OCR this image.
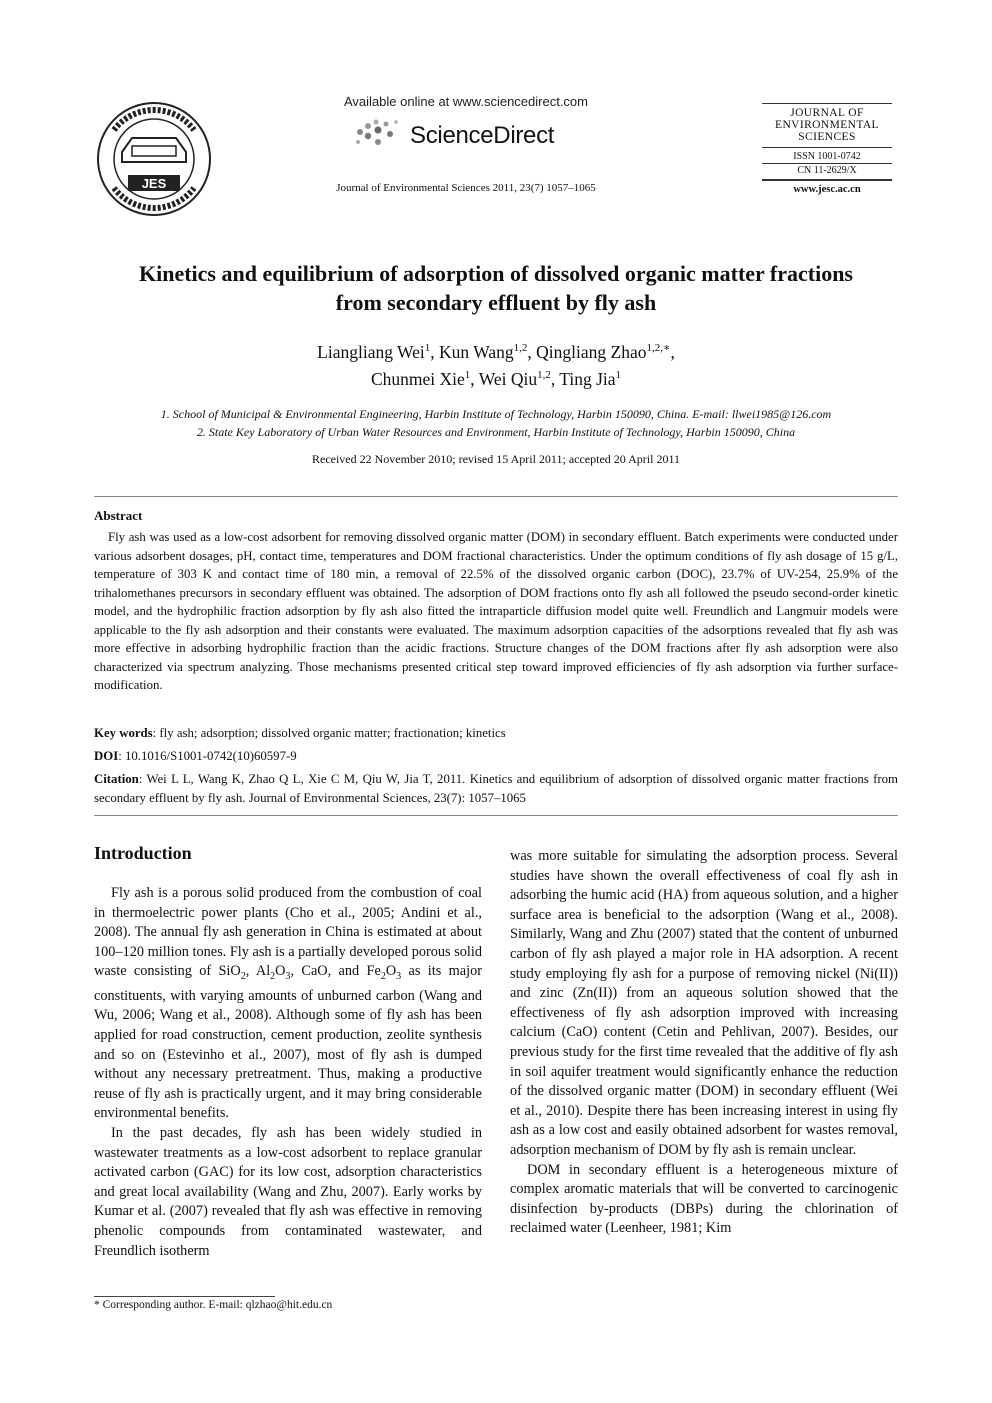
JES
Available online at www.sciencedirect.com
ScienceDirect
Journal of Environmental Sciences 2011, 23(7) 1057–1065
JOURNAL OF
ENVIRONMENTAL
SCIENCES
ISSN 1001-0742
CN 11-2629/X
www.jesc.ac.cn
Kinetics and equilibrium of adsorption of dissolved organic matter fractions
from secondary effluent by fly ash
Liangliang Wei$^1$, Kun Wang$^{1,2}$, Qingliang Zhao$^{1,2,∗}$,
Chunmei Xie$^1$, Wei Qiu$^{1,2}$, Ting Jia$^1$
1. School of Municipal & Environmental Engineering, Harbin Institute of Technology, Harbin 150090, China. E-mail: llwei1985@126.com
2. State Key Laboratory of Urban Water Resources and Environment, Harbin Institute of Technology, Harbin 150090, China
Received 22 November 2010; revised 15 April 2011; accepted 20 April 2011
Abstract
Fly ash was used as a low-cost adsorbent for removing dissolved organic matter (DOM) in secondary effluent. Batch experiments were conducted under various adsorbent dosages, pH, contact time, temperatures and DOM fractional characteristics. Under the optimum conditions of fly ash dosage of 15 g/L, temperature of 303 K and contact time of 180 min, a removal of 22.5% of the dissolved organic carbon (DOC), 23.7% of UV-254, 25.9% of the trihalomethanes precursors in secondary effluent was obtained. The adsorption of DOM fractions onto fly ash all followed the pseudo second-order kinetic model, and the hydrophilic fraction adsorption by fly ash also fitted the intraparticle diffusion model quite well. Freundlich and Langmuir models were applicable to the fly ash adsorption and their constants were evaluated. The maximum adsorption capacities of the adsorptions revealed that fly ash was more effective in adsorbing hydrophilic fraction than the acidic fractions. Structure changes of the DOM fractions after fly ash adsorption were also characterized via spectrum analyzing. Those mechanisms presented critical step toward improved efficiencies of fly ash adsorption via further surface-modification.
Key words: fly ash; adsorption; dissolved organic matter; fractionation; kinetics
DOI: 10.1016/S1001-0742(10)60597-9
Citation: Wei L L, Wang K, Zhao Q L, Xie C M, Qiu W, Jia T, 2011. Kinetics and equilibrium of adsorption of dissolved organic matter fractions from secondary effluent by fly ash. Journal of Environmental Sciences, 23(7): 1057–1065
Introduction

Fly ash is a porous solid produced from the combustion of coal in thermoelectric power plants (Cho et al., 2005; Andini et al., 2008). The annual fly ash generation in China is estimated at about 100–120 million tones. Fly ash is a partially developed porous solid waste consisting of SiO$_2$, $Al_2O_3$, CaO, and $Fe_2O_3$ as its major constituents, with varying amounts of unburned carbon (Wang and Wu, 2006; Wang et al., 2008). Although some of fly ash has been applied for road construction, cement production, zeolite synthesis and so on (Estevinho et al., 2007), most of fly ash is dumped without any necessary pretreatment. Thus, making a productive reuse of fly ash is practically urgent, and it may bring considerable environmental benefits.

In the past decades, fly ash has been widely studied in wastewater treatments as a low-cost adsorbent to replace granular activated carbon (GAC) for its low cost, adsorption characteristics and great local availability (Wang and Zhu, 2007). Early works by Kumar et al. (2007) revealed that fly ash was effective in removing phenolic compounds from contaminated wastewater, and Freundlich isotherm

was more suitable for simulating the adsorption process. Several studies have shown the overall effectiveness of coal fly ash in adsorbing the humic acid (HA) from aqueous solution, and a higher surface area is beneficial to the adsorption (Wang et al., 2008). Similarly, Wang and Zhu (2007) stated that the content of unburned carbon of fly ash played a major role in HA adsorption. A recent study employing fly ash for a purpose of removing nickel (Ni(II)) and zinc (Zn(II)) from an aqueous solution showed that the effectiveness of fly ash adsorption improved with increasing calcium (CaO) content (Cetin and Pehlivan, 2007). Besides, our previous study for the first time revealed that the additive of fly ash in soil aquifer treatment would significantly enhance the reduction of the dissolved organic matter (DOM) in secondary effluent (Wei et al., 2010). Despite there has been increasing interest in using fly ash as a low cost and easily obtained adsorbent for wastes removal, adsorption mechanism of DOM by fly ash is remain unclear.

DOM in secondary effluent is a heterogeneous mixture of complex aromatic materials that will be converted to carcinogenic disinfection by-products (DBPs) during the chlorination of reclaimed water (Leenheer, 1981; Kim

* Corresponding author. E-mail: qlzhao@hit.edu.cn
